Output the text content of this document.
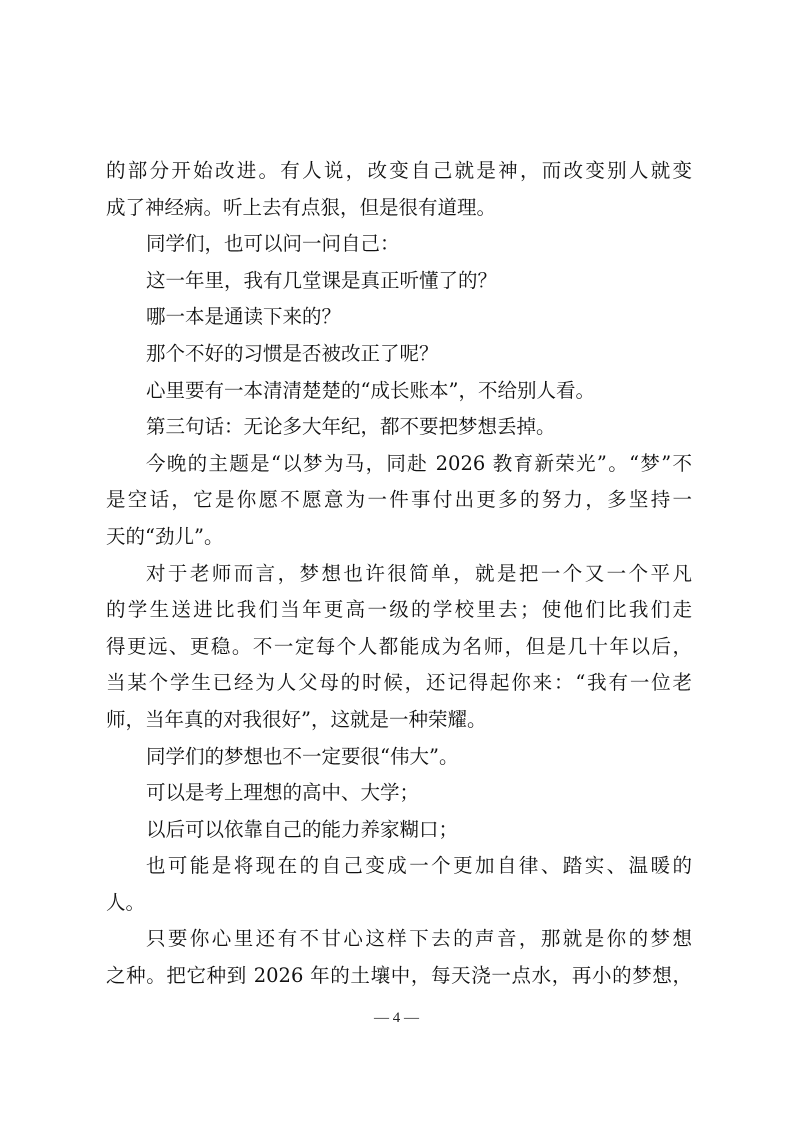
的部分开始改进。有人说，改变自己就是神，而改变别人就变
成了神经病。听上去有点狠，但是很有道理。
同学们，也可以问一问自己：
这一年里，我有几堂课是真正听懂了的？
哪一本是通读下来的？
那个不好的习惯是否被改正了呢？
心里要有一本清清楚楚的“成长账本”，不给别人看。
第三句话：无论多大年纪，都不要把梦想丢掉。
今晚的主题是“以梦为马，同赴 2026 教育新荣光”。“梦”不
是空话，它是你愿不愿意为一件事付出更多的努力，多坚持一
天的“劲儿”。
对于老师而言，梦想也许很简单，就是把一个又一个平凡
的学生送进比我们当年更高一级的学校里去；使他们比我们走
得更远、更稳。不一定每个人都能成为名师，但是几十年以后，
当某个学生已经为人父母的时候，还记得起你来：“我有一位老
师，当年真的对我很好”，这就是一种荣耀。
同学们的梦想也不一定要很“伟大”。
可以是考上理想的高中、大学；
以后可以依靠自己的能力养家糊口；
也可能是将现在的自己变成一个更加自律、踏实、温暖的
人。
只要你心里还有不甘心这样下去的声音，那就是你的梦想
之种。把它种到 2026 年的土壤中，每天浇一点水，再小的梦想，
— 4 —
